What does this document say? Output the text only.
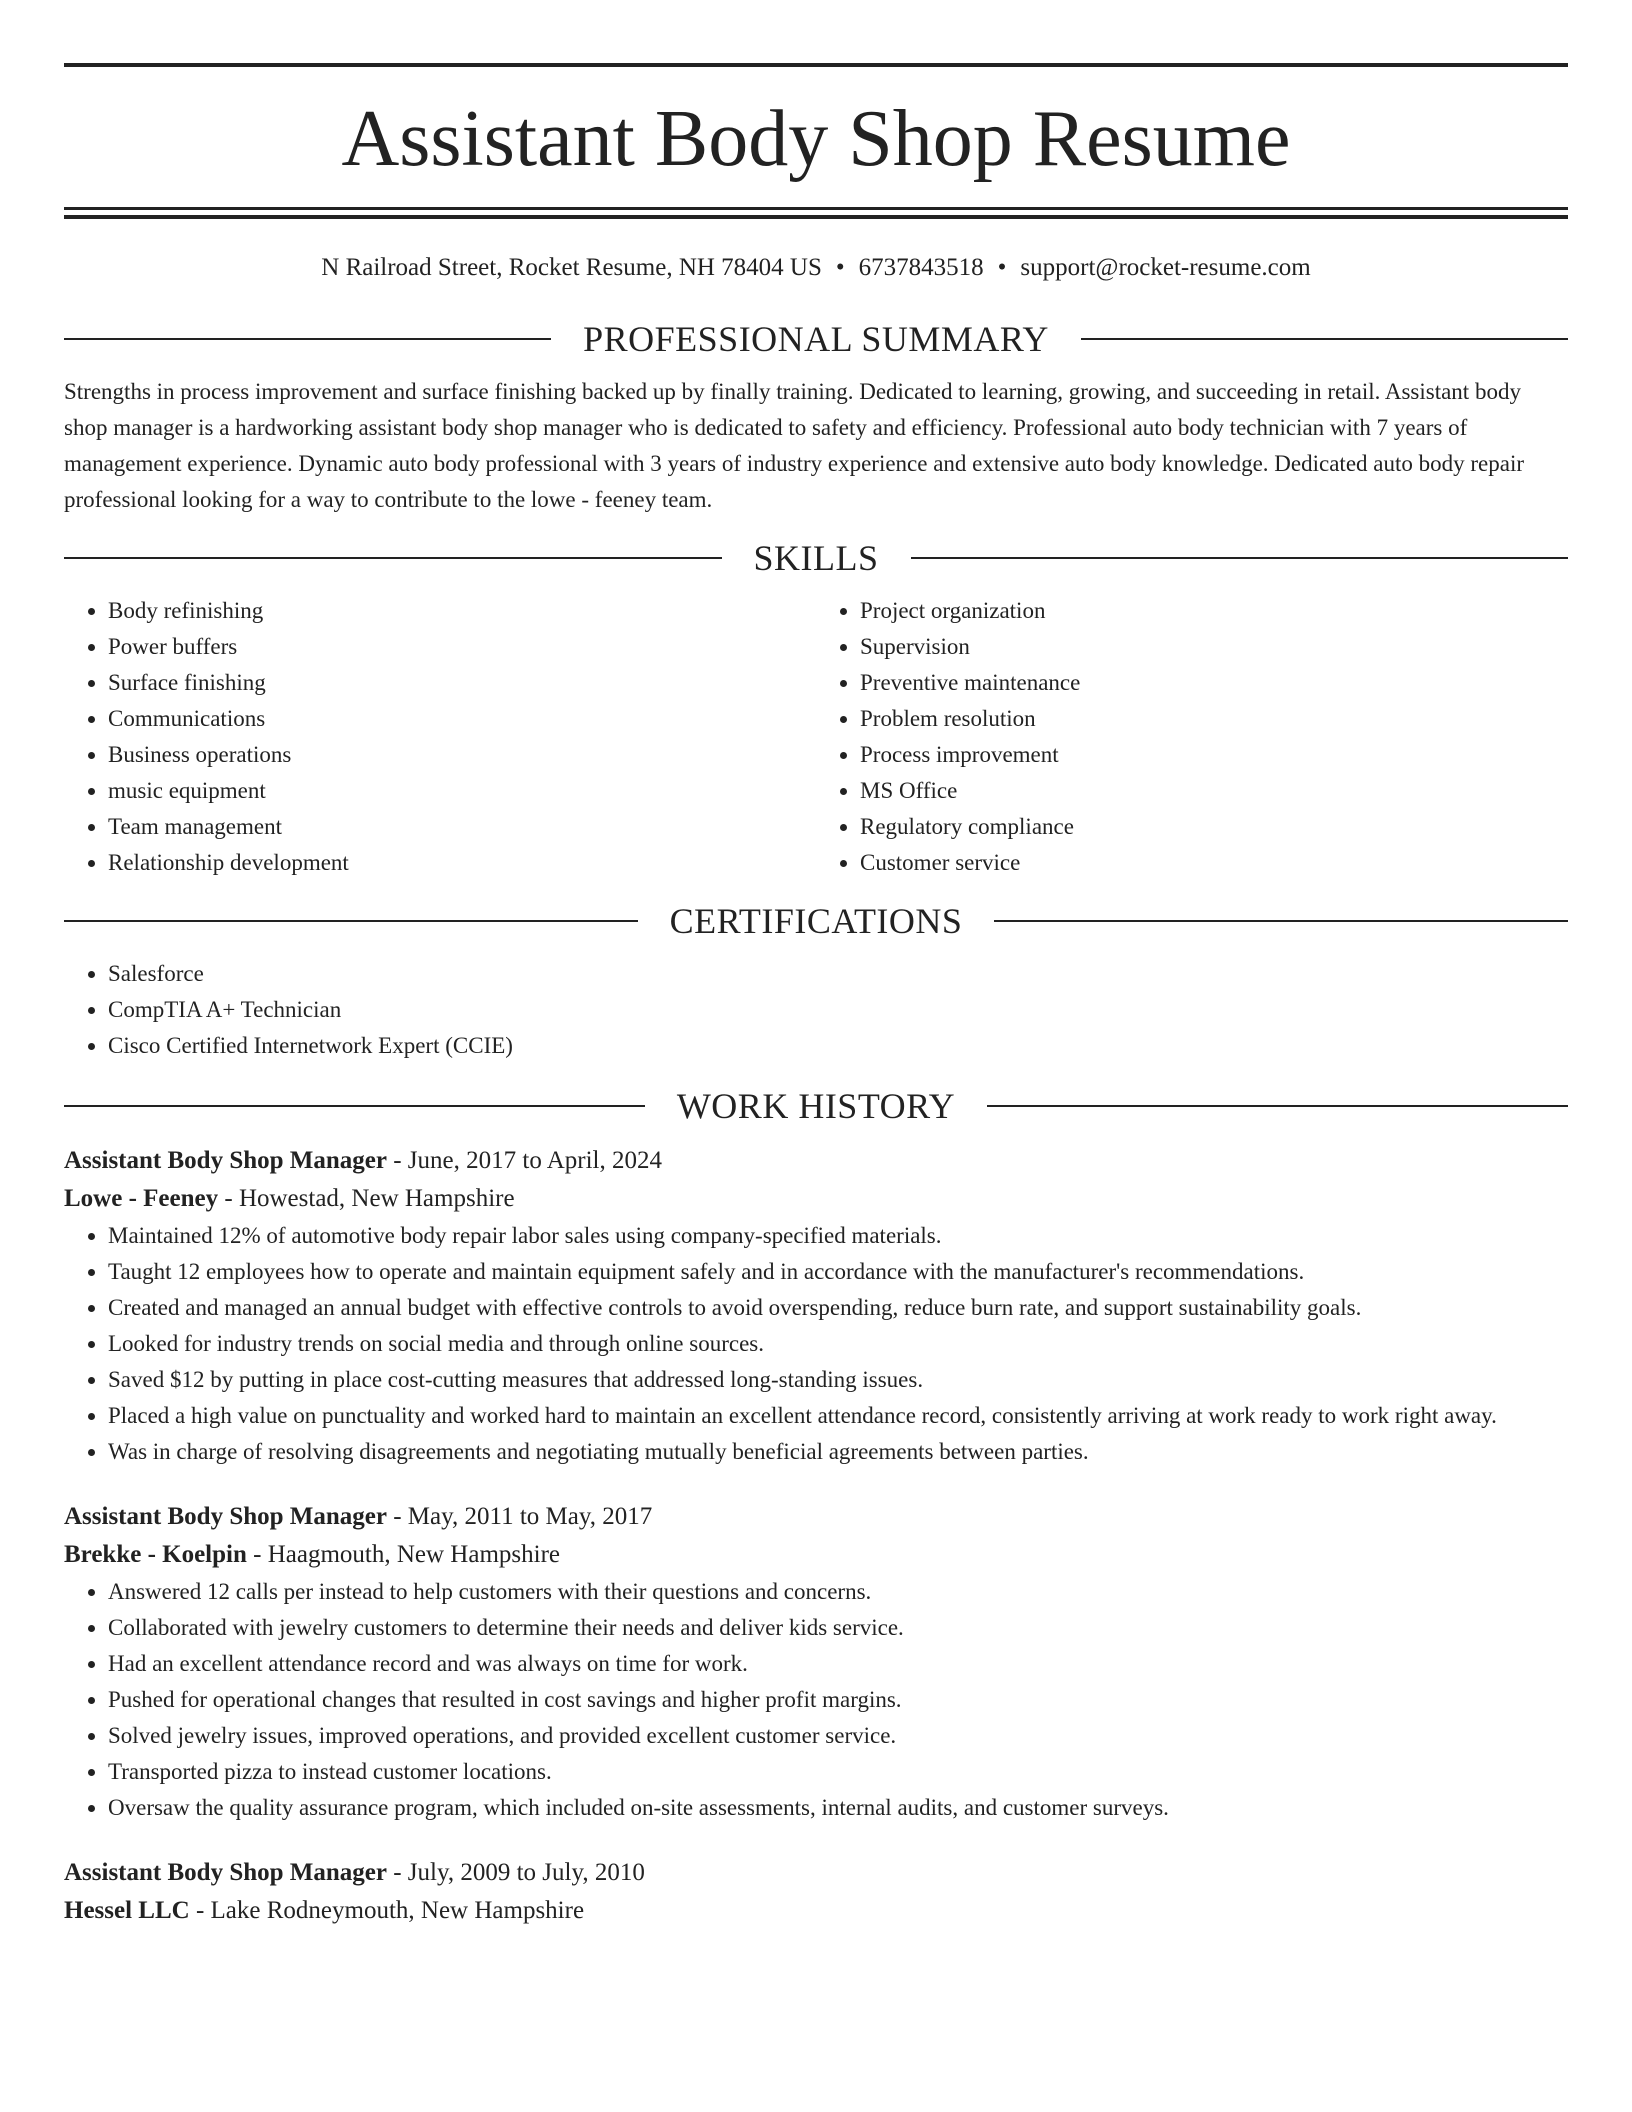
Assistant Body Shop Resume
N Railroad Street, Rocket Resume, NH 78404 US • 6737843518 • support@rocket-resume.com
PROFESSIONAL SUMMARY
Strengths in process improvement and surface finishing backed up by finally training. Dedicated to learning, growing, and succeeding in retail. Assistant body shop manager is a hardworking assistant body shop manager who is dedicated to safety and efficiency. Professional auto body technician with 7 years of management experience. Dynamic auto body professional with 3 years of industry experience and extensive auto body knowledge. Dedicated auto body repair professional looking for a way to contribute to the lowe - feeney team.
SKILLS
• Body refinishing
• Power buffers
• Surface finishing
• Communications
• Business operations
• music equipment
• Team management
• Relationship development
• Project organization
• Supervision
• Preventive maintenance
• Problem resolution
• Process improvement
• MS Office
• Regulatory compliance
• Customer service
CERTIFICATIONS
• Salesforce
• CompTIA A+ Technician
• Cisco Certified Internetwork Expert (CCIE)
WORK HISTORY
Assistant Body Shop Manager - June, 2017 to April, 2024
Lowe - Feeney - Howestad, New Hampshire
• Maintained 12% of automotive body repair labor sales using company-specified materials.
• Taught 12 employees how to operate and maintain equipment safely and in accordance with the manufacturer's recommendations.
• Created and managed an annual budget with effective controls to avoid overspending, reduce burn rate, and support sustainability goals.
• Looked for industry trends on social media and through online sources.
• Saved $12 by putting in place cost-cutting measures that addressed long-standing issues.
• Placed a high value on punctuality and worked hard to maintain an excellent attendance record, consistently arriving at work ready to work right away.
• Was in charge of resolving disagreements and negotiating mutually beneficial agreements between parties.
Assistant Body Shop Manager - May, 2011 to May, 2017
Brekke - Koelpin - Haagmouth, New Hampshire
• Answered 12 calls per instead to help customers with their questions and concerns.
• Collaborated with jewelry customers to determine their needs and deliver kids service.
• Had an excellent attendance record and was always on time for work.
• Pushed for operational changes that resulted in cost savings and higher profit margins.
• Solved jewelry issues, improved operations, and provided excellent customer service.
• Transported pizza to instead customer locations.
• Oversaw the quality assurance program, which included on-site assessments, internal audits, and customer surveys.
Assistant Body Shop Manager - July, 2009 to July, 2010
Hessel LLC - Lake Rodneymouth, New Hampshire
